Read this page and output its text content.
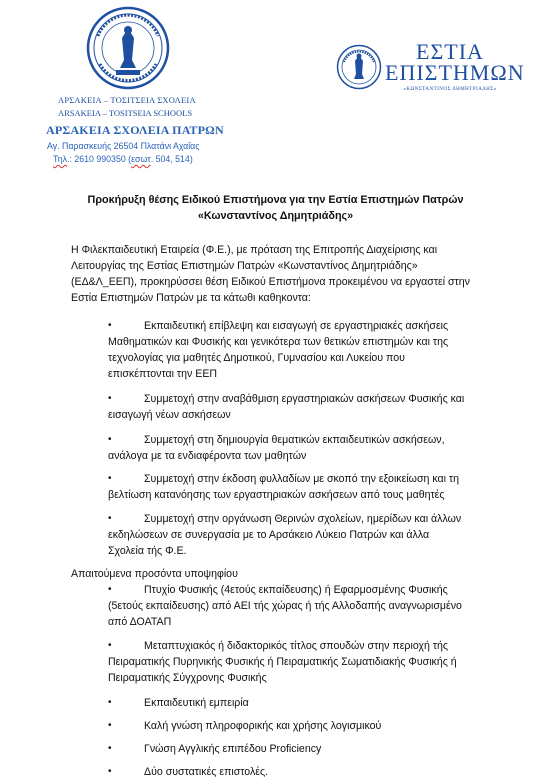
ΑΡΣΑΚΕΙΑ – ΤΟΣΙΤΣΕΙΑ ΣΧΟΛΕΙΑ
ARSAKEIA – TOSITSEIA SCHOOLS
ΑΡΣΑΚΕΙΑ ΣΧΟΛΕΙΑ ΠΑΤΡΩΝ
Αγ. Παρασκευής 26504 Πλατάνι Αχαΐας
Τηλ.: 2610 990350 (εσωτ. 504, 514)
ΕΣΤΙΑ
ΕΠΙΣΤΗΜΩΝ
«ΚΩΝΣΤΑΝΤΙΝΟΣ ΔΗΜΗΤΡΙΑΔΗΣ»
Προκήρυξη θέσης Ειδικού Επιστήμονα για την Εστία Επιστημών Πατρών
«Κωνσταντίνος Δημητριάδης»
Η Φιλεκπαιδευτική Εταιρεία (Φ.Ε.), με πρόταση της Επιτροπής Διαχείρισης και
Λειτουργίας της Εστίας Επιστημών Πατρών «Κωνσταντίνος Δημητριάδης»
(ΕΔ&Λ_ΕΕΠ), προκηρύσσει θέση Ειδικού Επιστήμονα προκειμένου να εργαστεί στην
Εστία Επιστημών Πατρών με τα κάτωθι καθηκοντα:
•	Εκπαιδευτική επίβλεψη και εισαγωγή σε εργαστηριακές ασκήσεις
Μαθηματικών και Φυσικής και γενικότερα των θετικών επιστημών και της
τεχνολογίας για μαθητές Δημοτικού, Γυμνασίου και Λυκείου που
επισκέπτονται την ΕΕΠ
•	Συμμετοχή στην αναβάθμιση εργαστηριακών ασκήσεων Φυσικής και
εισαγωγή νέων ασκήσεων
•	Συμμετοχή στη δημιουργία θεματικών εκπαιδευτικών ασκήσεων,
ανάλογα με τα ενδιαφέροντα των μαθητών
•	Συμμετοχή στην έκδοση φυλλαδίων με σκοπό την εξοικείωση και τη
βελτίωση κατανόησης των εργαστηριακών ασκήσεων από τους μαθητές
•	Συμμετοχή στην οργάνωση Θερινών σχολείων, ημερίδων και άλλων
εκδηλώσεων σε συνεργασία με το Αρσάκειο Λύκειο Πατρών και άλλα
Σχολεία τής Φ.Ε.
Απαιτούμενα προσόντα υποψηφίου
•	Πτυχίο Φυσικής (4ετούς εκπαίδευσης) ή Εφαρμοσμένης Φυσικής
(5ετούς εκπαίδευσης) από ΑΕΙ τής χώρας ή τής Αλλοδαπής αναγνωρισμένο
από ΔΟΑΤΑΠ
•	Μεταπτυχιακός ή διδακτορικός τίτλος σπουδών στην περιοχή τής
Πειραματικής Πυρηνικής Φυσικής ή Πειραματικής Σωματιδιακής Φυσικής ή
Πειραματικής Σύγχρονης Φυσικής
•	Εκπαιδευτική εμπειρία
•	Καλή γνώση πληροφορικής και χρήσης λογισμικού
•	Γνώση Αγγλικής επιπέδου Proficiency
•	Δύο συστατικές επιστολές.
